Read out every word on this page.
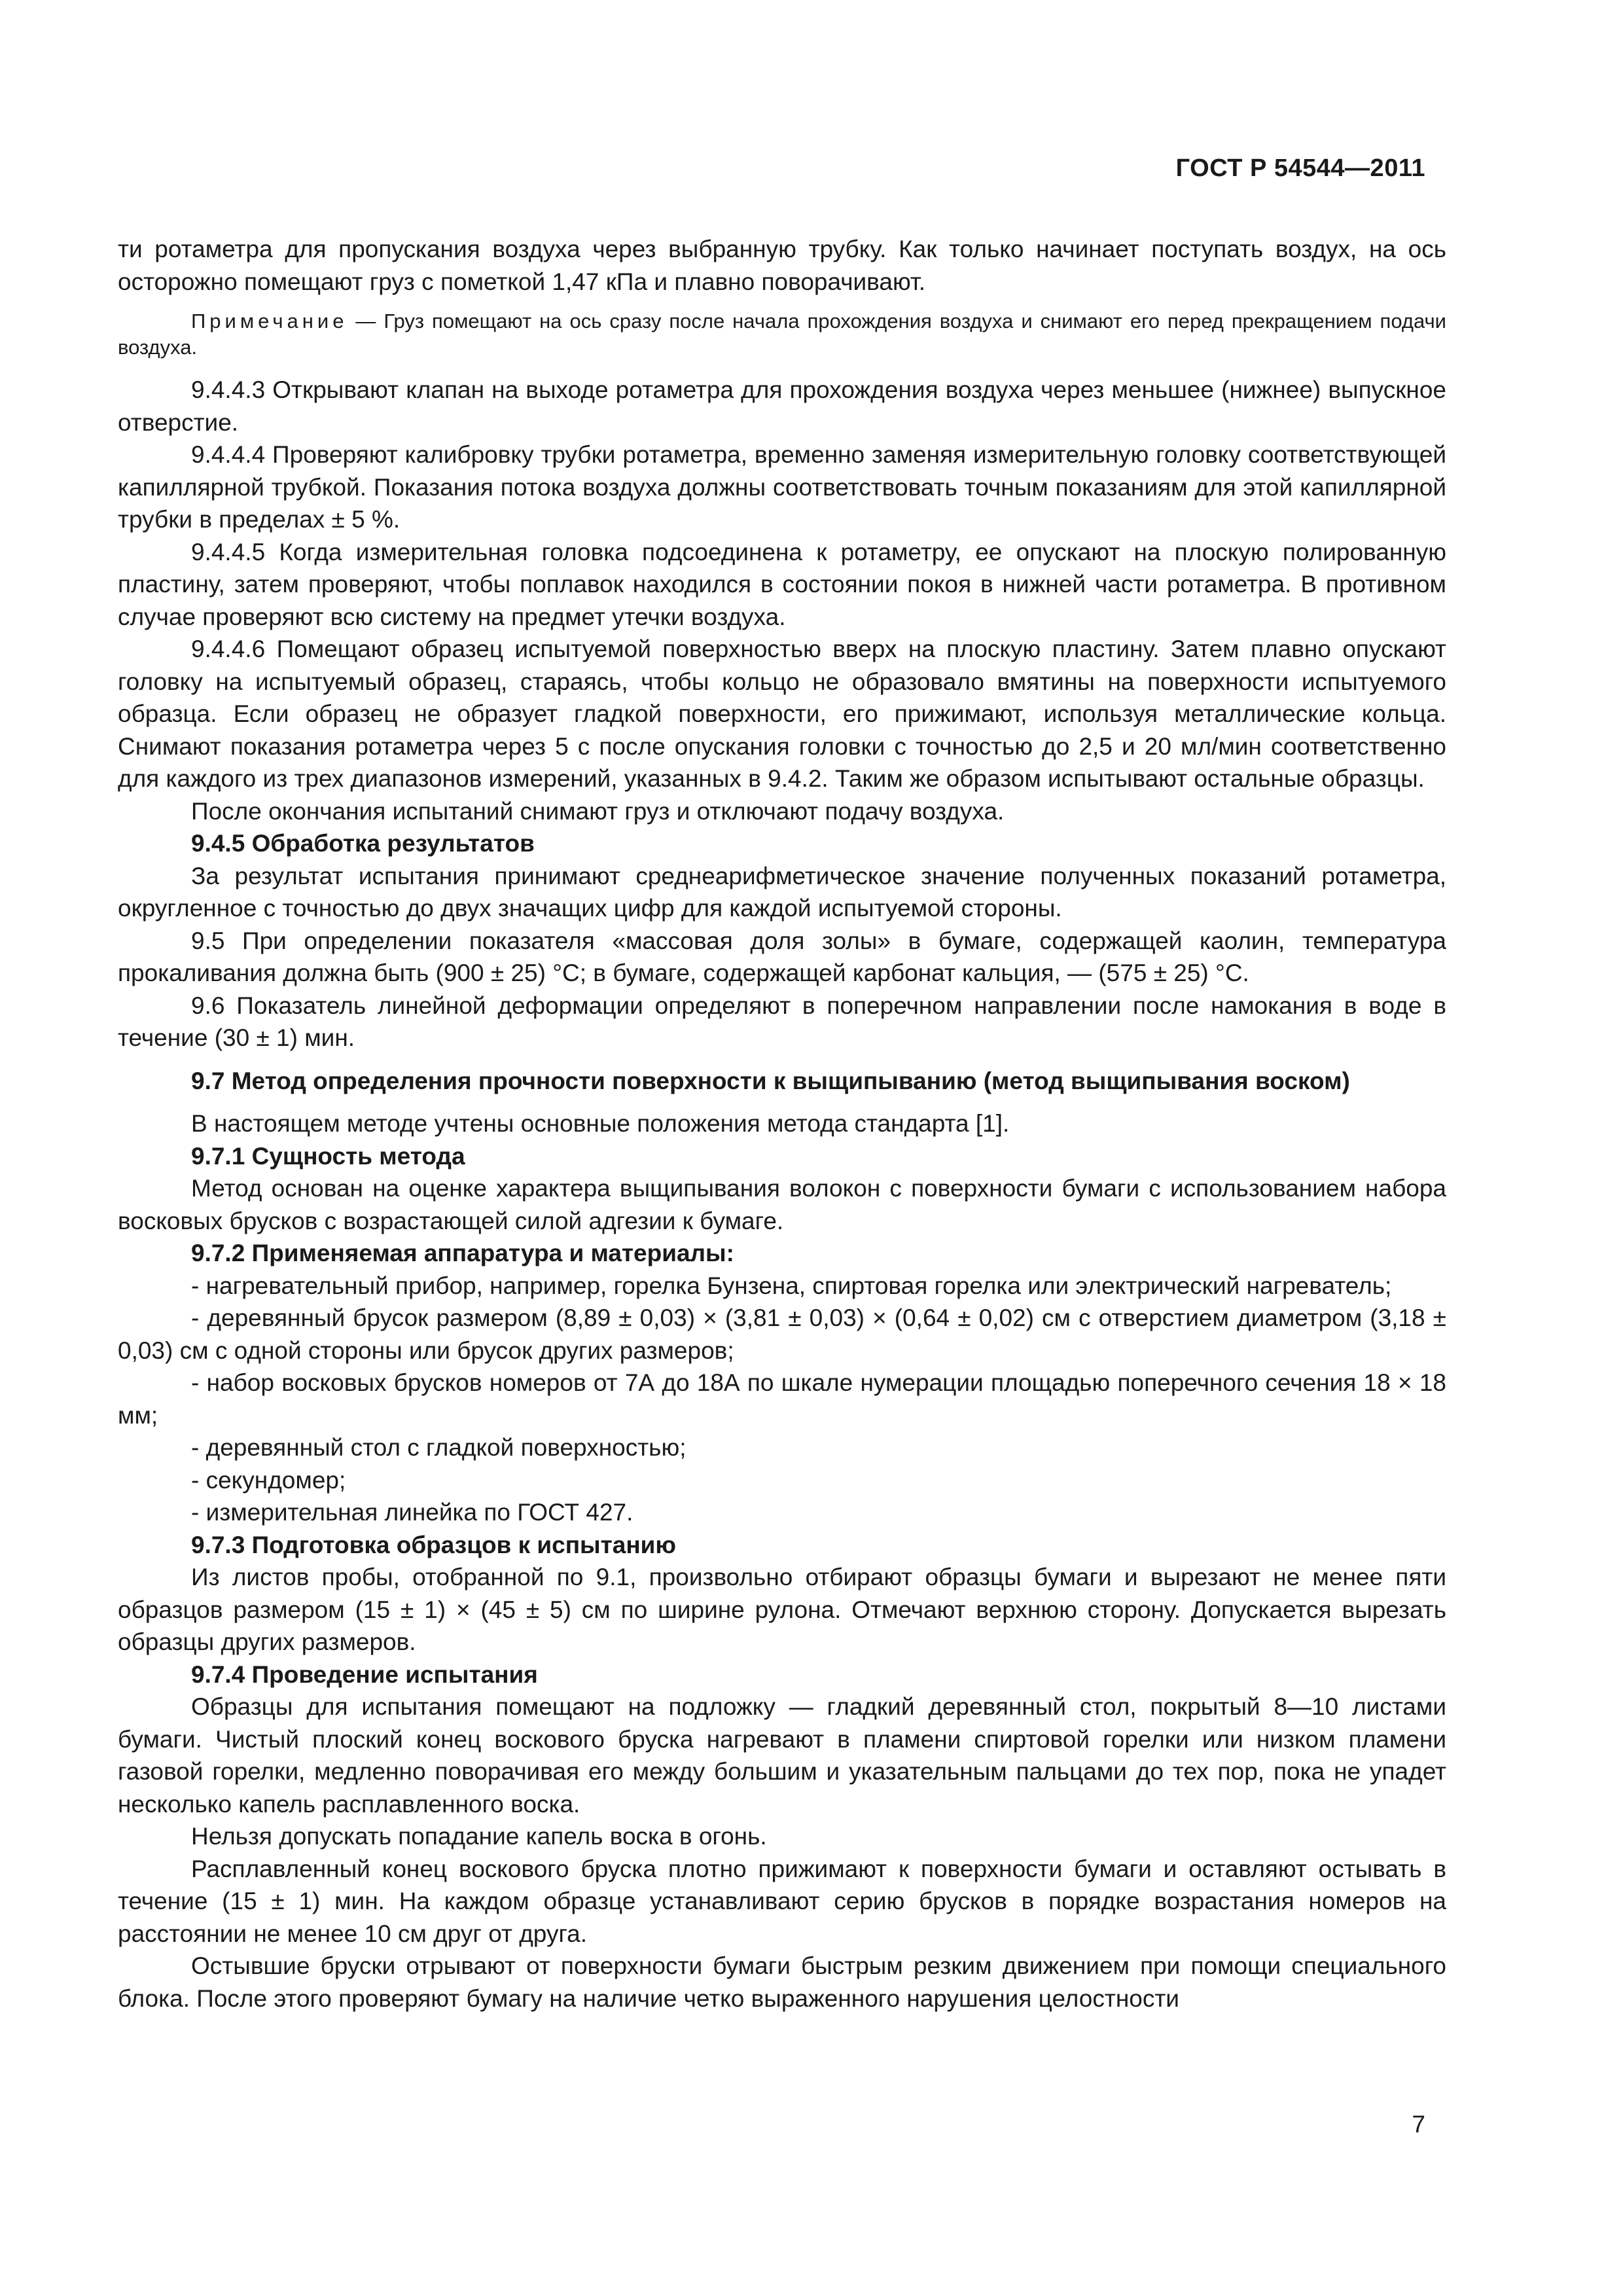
ГОСТ Р 54544—2011

ти ротаметра для пропускания воздуха через выбранную трубку. Как только начинает поступать воздух, на ось осторожно помещают груз с пометкой 1,47 кПа и плавно поворачивают.

Примечание — Груз помещают на ось сразу после начала прохождения воздуха и снимают его перед прекращением подачи воздуха.

9.4.4.3 Открывают клапан на выходе ротаметра для прохождения воздуха через меньшее (нижнее) выпускное отверстие.

9.4.4.4 Проверяют калибровку трубки ротаметра, временно заменяя измерительную головку соответствующей капиллярной трубкой. Показания потока воздуха должны соответствовать точным показаниям для этой капиллярной трубки в пределах ± 5 %.

9.4.4.5 Когда измерительная головка подсоединена к ротаметру, ее опускают на плоскую полированную пластину, затем проверяют, чтобы поплавок находился в состоянии покоя в нижней части ротаметра. В противном случае проверяют всю систему на предмет утечки воздуха.

9.4.4.6 Помещают образец испытуемой поверхностью вверх на плоскую пластину. Затем плавно опускают головку на испытуемый образец, стараясь, чтобы кольцо не образовало вмятины на поверхности испытуемого образца. Если образец не образует гладкой поверхности, его прижимают, используя металлические кольца. Снимают показания ротаметра через 5 с после опускания головки с точностью до 2,5 и 20 мл/мин соответственно для каждого из трех диапазонов измерений, указанных в 9.4.2. Таким же образом испытывают остальные образцы.

После окончания испытаний снимают груз и отключают подачу воздуха.

9.4.5 Обработка результатов

За результат испытания принимают среднеарифметическое значение полученных показаний ротаметра, округленное с точностью до двух значащих цифр для каждой испытуемой стороны.

9.5 При определении показателя «массовая доля золы» в бумаге, содержащей каолин, температура прокаливания должна быть (900 ± 25) °С; в бумаге, содержащей карбонат кальция, — (575 ± 25) °С.

9.6 Показатель линейной деформации определяют в поперечном направлении после намокания в воде в течение (30 ± 1) мин.

9.7 Метод определения прочности поверхности к выщипыванию (метод выщипывания воском)

В настоящем методе учтены основные положения метода стандарта [1].

9.7.1 Сущность метода

Метод основан на оценке характера выщипывания волокон с поверхности бумаги с использованием набора восковых брусков с возрастающей силой адгезии к бумаге.

9.7.2 Применяемая аппаратура и материалы:

- нагревательный прибор, например, горелка Бунзена, спиртовая горелка или электрический нагреватель;

- деревянный брусок размером (8,89 ± 0,03) × (3,81 ± 0,03) × (0,64 ± 0,02) см с отверстием диаметром (3,18 ± 0,03) см с одной стороны или брусок других размеров;

- набор восковых брусков номеров от 7А до 18А по шкале нумерации площадью поперечного сечения 18 × 18 мм;

- деревянный стол с гладкой поверхностью;

- секундомер;

- измерительная линейка по ГОСТ 427.

9.7.3 Подготовка образцов к испытанию

Из листов пробы, отобранной по 9.1, произвольно отбирают образцы бумаги и вырезают не менее пяти образцов размером (15 ± 1) × (45 ± 5) см по ширине рулона. Отмечают верхнюю сторону. Допускается вырезать образцы других размеров.

9.7.4 Проведение испытания

Образцы для испытания помещают на подложку — гладкий деревянный стол, покрытый 8—10 листами бумаги. Чистый плоский конец воскового бруска нагревают в пламени спиртовой горелки или низком пламени газовой горелки, медленно поворачивая его между большим и указательным пальцами до тех пор, пока не упадет несколько капель расплавленного воска.

Нельзя допускать попадание капель воска в огонь.

Расплавленный конец воскового бруска плотно прижимают к поверхности бумаги и оставляют остывать в течение (15 ± 1) мин. На каждом образце устанавливают серию брусков в порядке возрастания номеров на расстоянии не менее 10 см друг от друга.

Остывшие бруски отрывают от поверхности бумаги быстрым резким движением при помощи специального блока. После этого проверяют бумагу на наличие четко выраженного нарушения целостности

7
